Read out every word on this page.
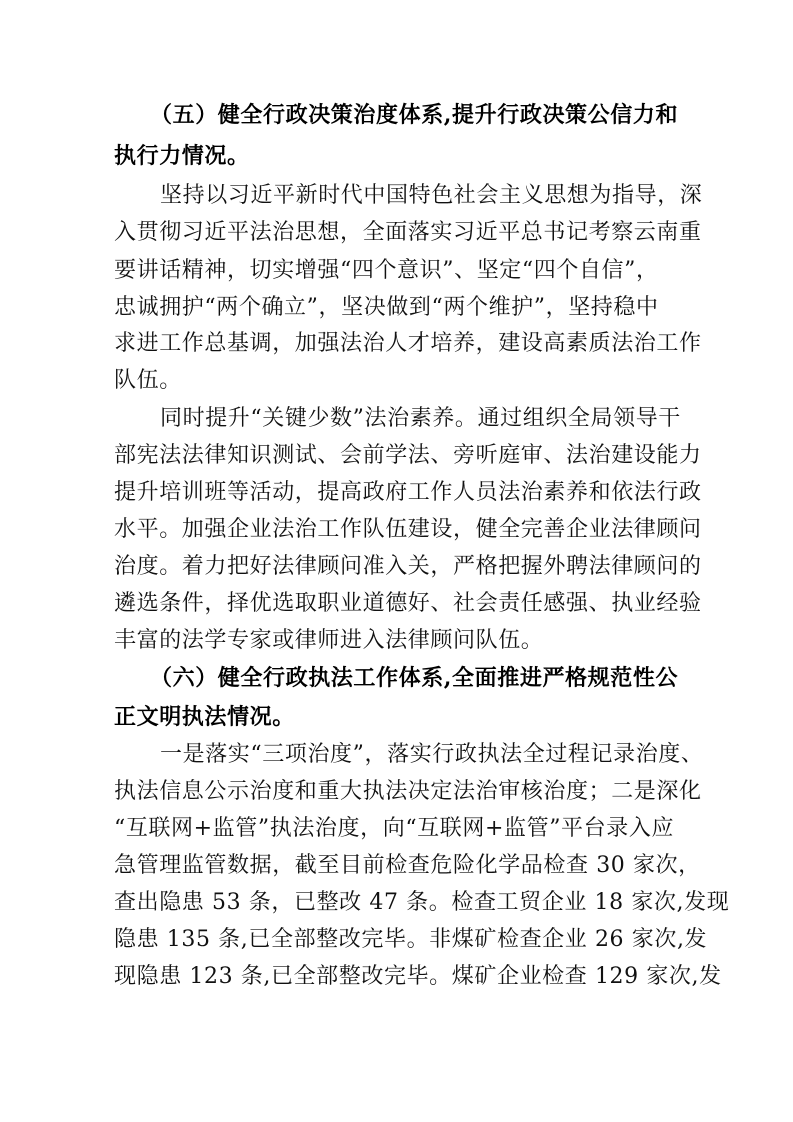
（五）健全行政决策治度体系,提升行政决策公信力和
执行力情况。
坚持以习近平新时代中国特色社会主义思想为指导，深
入贯彻习近平法治思想，全面落实习近平总书记考察云南重
要讲话精神，切实增强“四个意识”、坚定“四个自信”，
忠诚拥护“两个确立”，坚决做到“两个维护”，坚持稳中
求进工作总基调，加强法治人才培养，建设高素质法治工作
队伍。
同时提升“关键少数”法治素养。通过组织全局领导干
部宪法法律知识测试、会前学法、旁听庭审、法治建设能力
提升培训班等活动，提高政府工作人员法治素养和依法行政
水平。加强企业法治工作队伍建设，健全完善企业法律顾问
治度。着力把好法律顾问准入关，严格把握外聘法律顾问的
遴选条件，择优选取职业道德好、社会责任感强、执业经验
丰富的法学专家或律师进入法律顾问队伍。
（六）健全行政执法工作体系,全面推进严格规范性公
正文明执法情况。
一是落实“三项治度”，落实行政执法全过程记录治度、
执法信息公示治度和重大执法决定法治审核治度；二是深化
“互联网+监管”执法治度，向“互联网+监管”平台录入应
急管理监管数据，截至目前检查危险化学品检查 30 家次，
查出隐患 53 条，已整改 47 条。检查工贸企业 18 家次,发现
隐患 135 条,已全部整改完毕。非煤矿检查企业 26 家次,发
现隐患 123 条,已全部整改完毕。煤矿企业检查 129 家次,发
